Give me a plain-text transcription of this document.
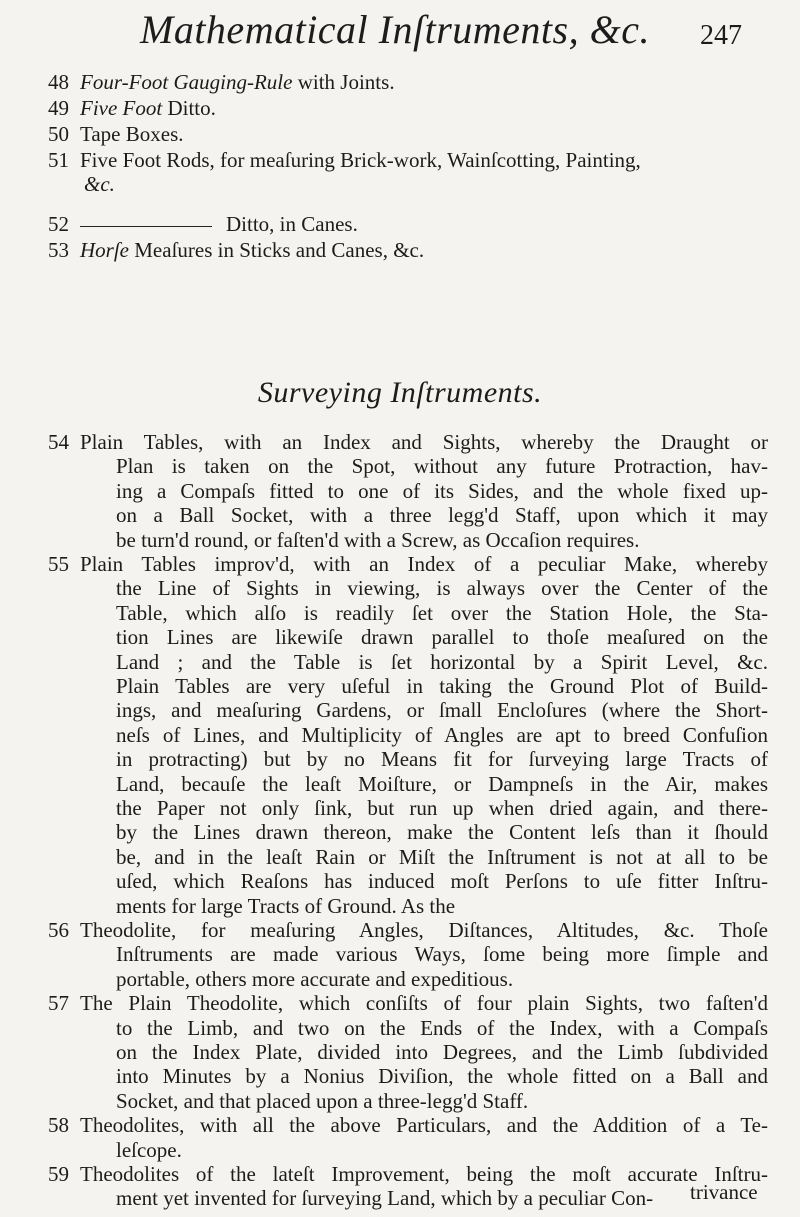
Mathematical Inſtruments, &c. 247
48 Four-Foot Gauging-Rule with Joints.
49 Five Foot Ditto.
50 Tape Boxes.
51 Five Foot Rods, for meaſuring Brick-work, Wainſcotting, Painting,
&c.
52	Ditto, in Canes.
53 Horſe Meaſures in Sticks and Canes, &c.
Surveying Inſtruments.
54 Plain Tables, with an Index and Sights, whereby the Draught or
Plan is taken on the Spot, without any future Protraction, hav-
ing a Compaſs fitted to one of its Sides, and the whole fixed up-
on a Ball Socket, with a three legg'd Staff, upon which it may
be turn'd round, or faſten'd with a Screw, as Occaſion requires.
55 Plain Tables improv'd, with an Index of a peculiar Make, whereby
the Line of Sights in viewing, is always over the Center of the
Table, which alſo is readily ſet over the Station Hole, the Sta-
tion Lines are likewiſe drawn parallel to thoſe meaſured on the
Land ; and the Table is ſet horizontal by a Spirit Level, &c.
Plain Tables are very uſeful in taking the Ground Plot of Build-
ings, and meaſuring Gardens, or ſmall Encloſures (where the Short-
neſs of Lines, and Multiplicity of Angles are apt to breed Confuſion
in protracting) but by no Means fit for ſurveying large Tracts of
Land, becauſe the leaſt Moiſture, or Dampneſs in the Air, makes
the Paper not only ſink, but run up when dried again, and there-
by the Lines drawn thereon, make the Content leſs than it ſhould
be, and in the leaſt Rain or Miſt the Inſtrument is not at all to be
uſed, which Reaſons has induced moſt Perſons to uſe fitter Inſtru-
ments for large Tracts of Ground. As the
56 Theodolite, for meaſuring Angles, Diſtances, Altitudes, &c. Thoſe
Inſtruments are made various Ways, ſome being more ſimple and
portable, others more accurate and expeditious.
57 The Plain Theodolite, which conſiſts of four plain Sights, two faſten'd
to the Limb, and two on the Ends of the Index, with a Compaſs
on the Index Plate, divided into Degrees, and the Limb ſubdivided
into Minutes by a Nonius Diviſion, the whole fitted on a Ball and
Socket, and that placed upon a three-legg'd Staff.
58 Theodolites, with all the above Particulars, and the Addition of a Te-
leſcope.
59 Theodolites of the lateſt Improvement, being the moſt accurate Inſtru-
ment yet invented for ſurveying Land, which by a peculiar Con-	trivance
